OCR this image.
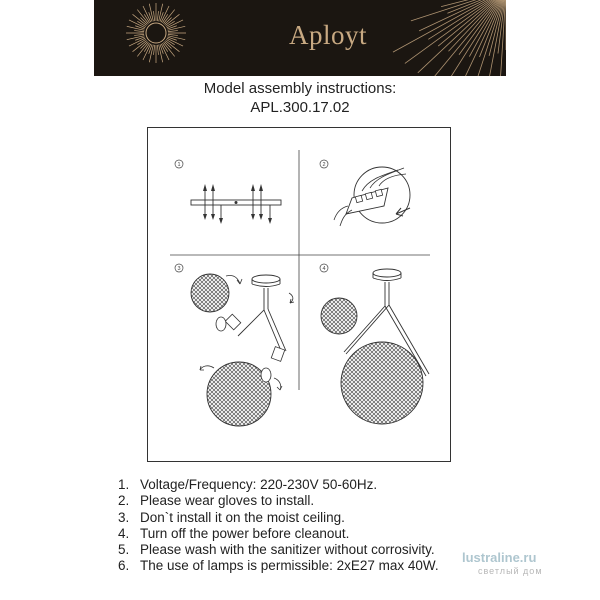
Aployt
Model assembly instructions:
APL.300.17.02
1	2
3	4
1. Voltage/Frequency: 220-230V 50-60Hz.
2. Please wear gloves to install.
3. Don`t install it on the moist ceiling.
4. Turn off the power before cleanout.
5. Please wash with the sanitizer without corrosivity.
6. The use of lamps is permissible: 2xE27 max 40W.
lustraline.ru
светлый дом
